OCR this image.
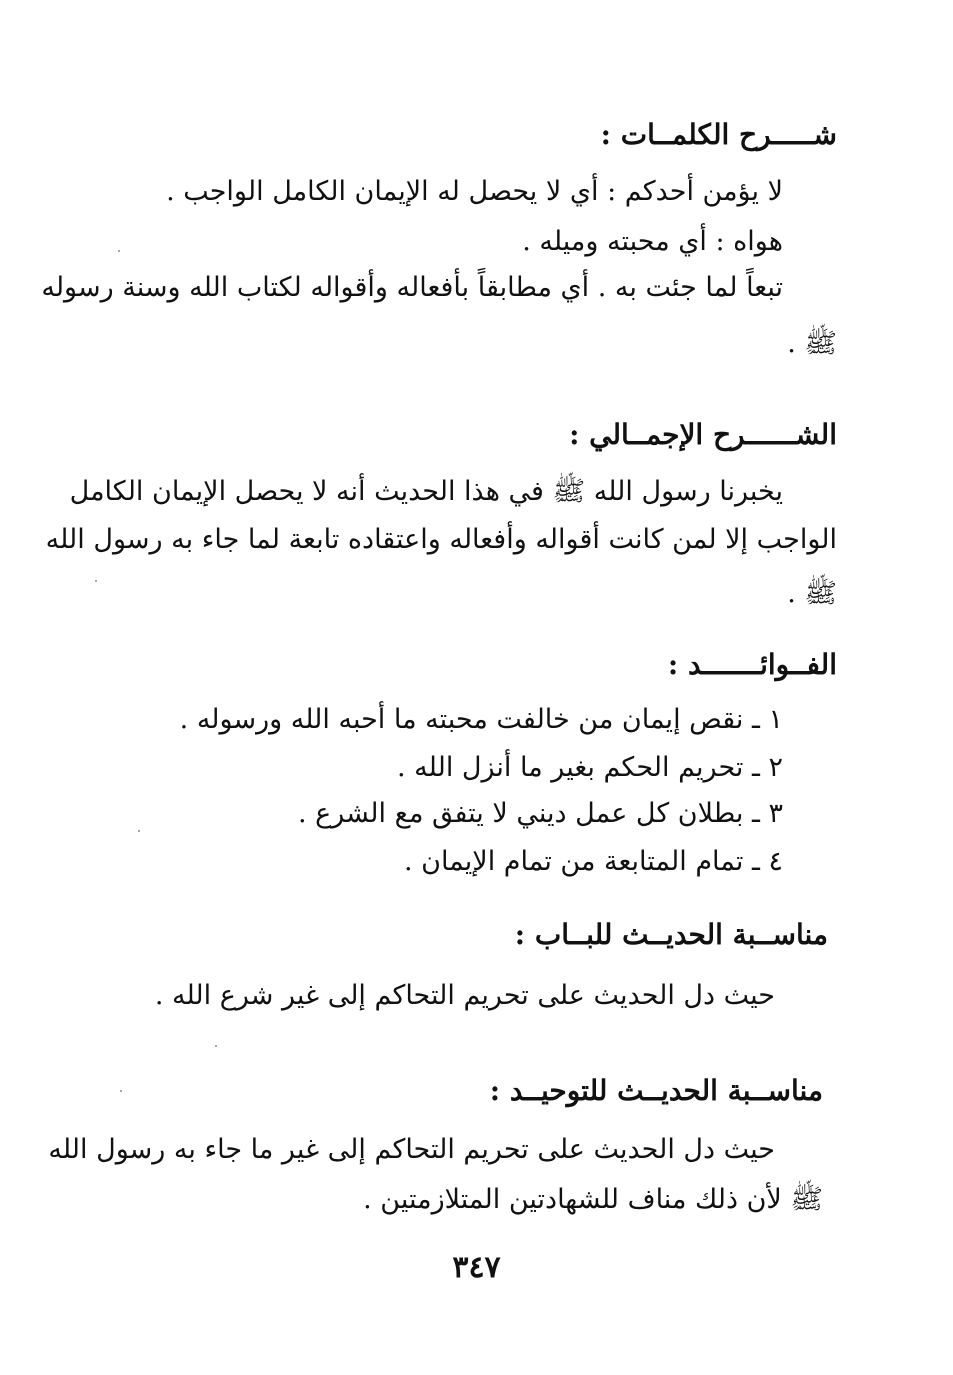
شـــــرح الكلمــات :
لا يؤمن أحدكم : أي لا يحصل له الإيمان الكامل الواجب .
هواه : أي محبته وميله .
تبعاً لما جئت به . أي مطابقاً بأفعاله وأقواله لكتاب الله وسنة رسوله
ﷺ .
الشــــــرح الإجمــالي :
يخبرنا رسول الله ﷺ في هذا الحديث أنه لا يحصل الإيمان الكامل
الواجب إلا لمن كانت أقواله وأفعاله واعتقاده تابعة لما جاء به رسول الله
ﷺ .
الفــوائـــــــد :
١ ـ نقص إيمان من خالفت محبته ما أحبه الله ورسوله .
٢ ـ تحريم الحكم بغير ما أنزل الله .
٣ ـ بطلان كل عمل ديني لا يتفق مع الشرع .
٤ ـ تمام المتابعة من تمام الإيمان .
مناســبة الحديــث للبــاب :
حيث دل الحديث على تحريم التحاكم إلى غير شرع الله .
مناســبة الحديــث للتوحيــد :
حيث دل الحديث على تحريم التحاكم إلى غير ما جاء به رسول الله
ﷺ لأن ذلك مناف للشهادتين المتلازمتين .
٣٤٧
